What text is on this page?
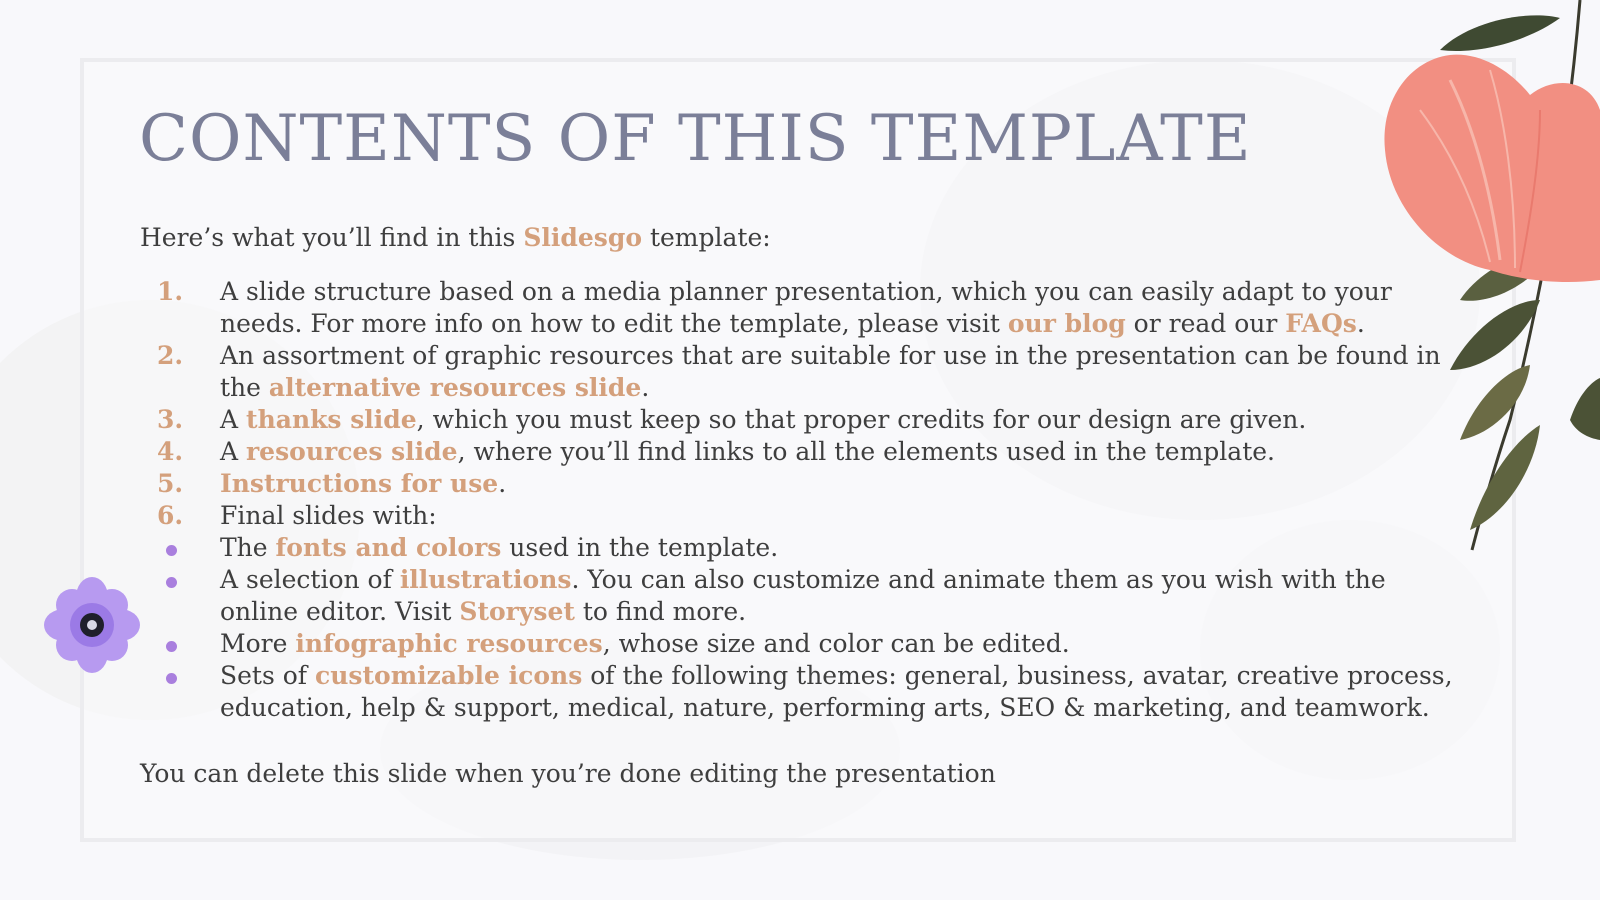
CONTENTS OF THIS TEMPLATE

Here’s what you’ll find in this Slidesgo template:

1.	A slide structure based on a media planner presentation, which you can easily adapt to your needs. For more info on how to edit the template, please visit our blog or read our FAQs.
2.	An assortment of graphic resources that are suitable for use in the presentation can be found in the alternative resources slide.
3.	A thanks slide, which you must keep so that proper credits for our design are given.
4.	A resources slide, where you’ll find links to all the elements used in the template.
5.	Instructions for use.
6.	Final slides with:
The fonts and colors used in the template.
A selection of illustrations. You can also customize and animate them as you wish with the online editor. Visit Storyset to find more.
More infographic resources, whose size and color can be edited.
Sets of customizable icons of the following themes: general, business, avatar, creative process, education, help & support, medical, nature, performing arts, SEO & marketing, and teamwork.

You can delete this slide when you’re done editing the presentation
